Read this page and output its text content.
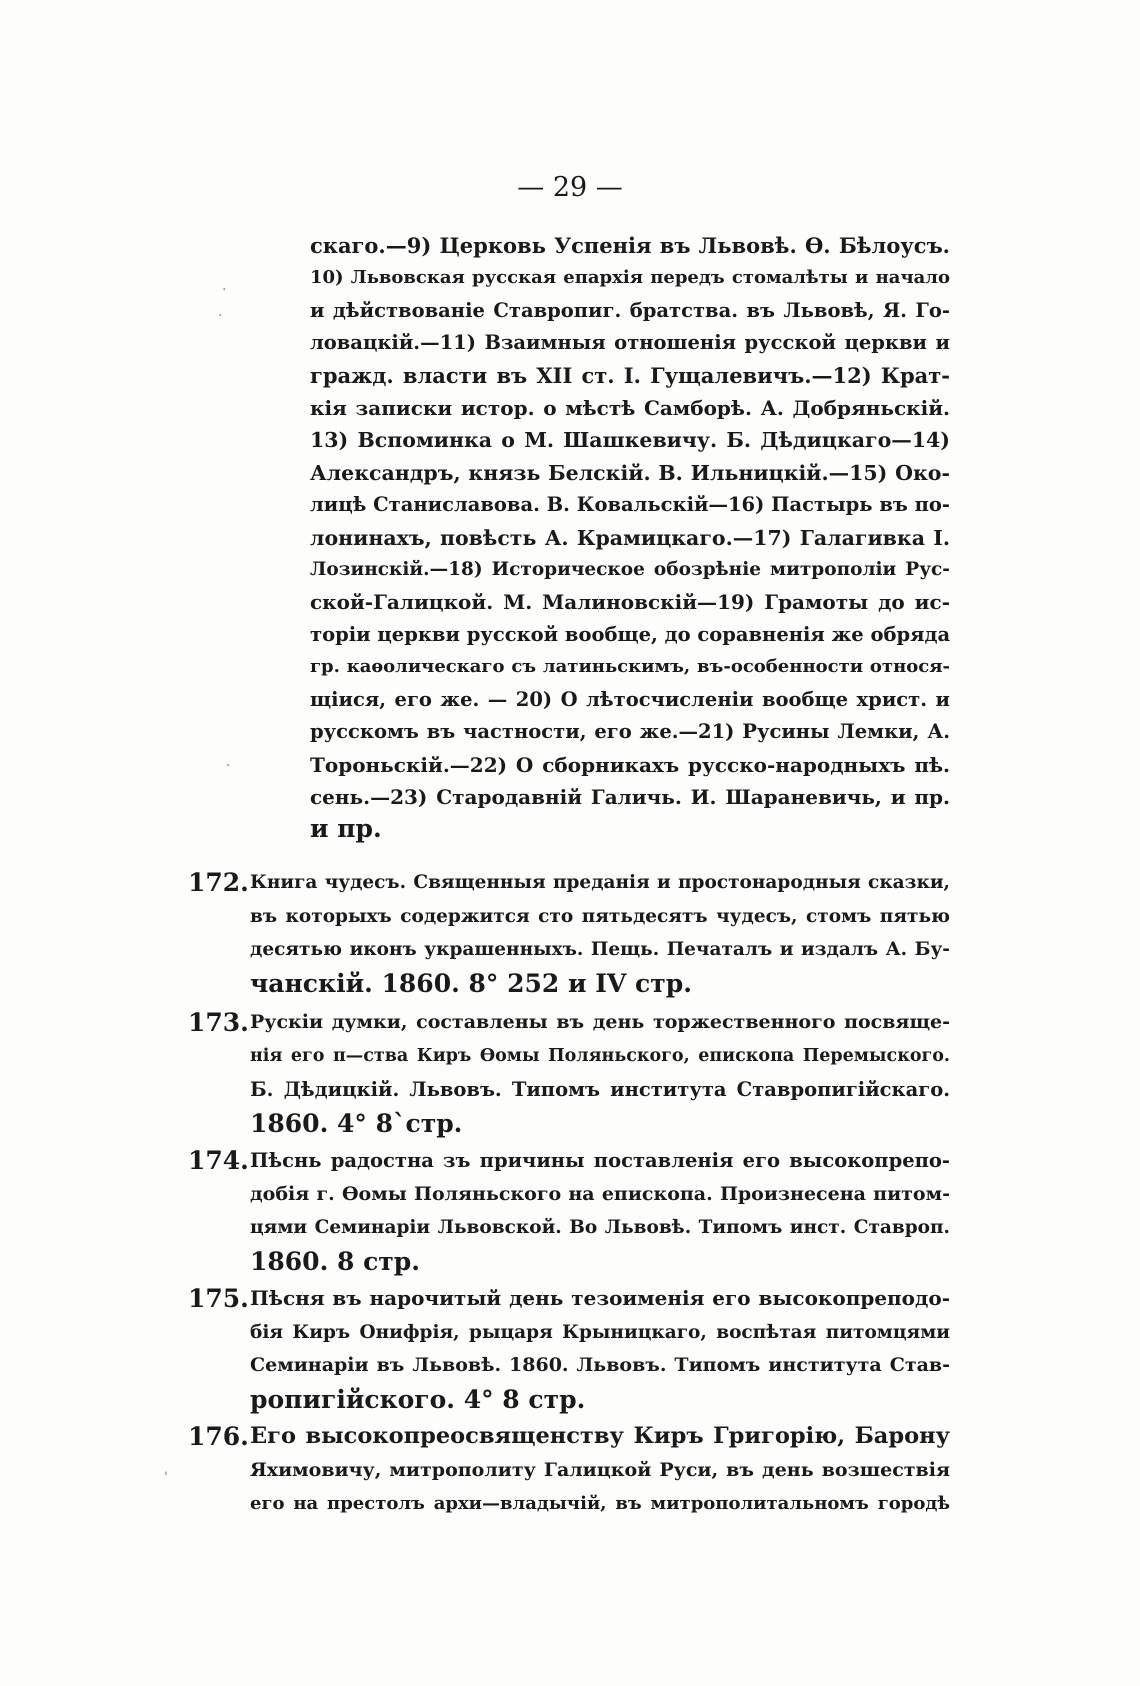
— 29 —
скаго.—9) Церковь Успенія въ Львовѣ. Ѳ. Бѣлоусъ.
10) Львовская русская епархія передъ стомалѣты и начало
и дѣйствованіе Ставропиг. братства. въ Львовѣ, Я. Го-
ловацкій.—11) Взаимныя отношенія русской церкви и
гражд. власти въ XII ст. І. Гущалевичъ.—12) Крат-
кія записки истор. о мѣстѣ Самборѣ. А. Добряньскій.
13) Вспоминка о М. Шашкевичу. Б. Дѣдицкаго—14)
Александръ, князь Белскій. В. Ильницкій.—15) Око-
лицѣ Станиславова. В. Ковальскій—16) Пастырь въ по-
лонинахъ, повѣсть А. Крамицкаго.—17) Галагивка І.
Лозинскій.—18) Историческое обозрѣніе митрополіи Рус-
ской-Галицкой. М. Малиновскій—19) Грамоты до ис-
торіи церкви русской вообще, до соравненія же обряда
гр. каѳолическаго съ латиньскимъ, въ-особенности относя-
щіися, его же. — 20) О лѣтосчисленіи вообще христ. и
русскомъ въ частности, его же.—21) Русины Лемки, А.
Тороньскій.—22) О сборникахъ русско-народныхъ пѣ.
сень.—23) Стародавній Галичь. И. Шараневичь, и пр.
и пр.
172. Книга чудесъ. Священныя преданія и простонародныя сказки,
въ которыхъ содержится сто пятьдесятъ чудесъ, стомъ пятью
десятью иконъ украшенныхъ. Пещь. Печаталъ и издалъ А. Бу-
чанскій. 1860. 8° 252 и IV стр.
173. Рускіи думки, составлены въ день торжественного посвяще-
нія его п—ства Киръ Ѳомы Поляньского, епископа Перемыского.
Б. Дѣдицкій. Львовъ. Типомъ института Ставропигійскаго.
1860. 4° 8`стр.
174. Пѣснь радостна зъ причины поставленія его высокопрепо-
добія г. Ѳомы Поляньского на епископа. Произнесена питом-
цями Семинаріи Львовской. Во Львовѣ. Типомъ инст. Ставроп.
1860. 8 стр.
175. Пѣсня въ нарочитый день тезоименія его высокопреподо-
бія Киръ Онифрія, рыцаря Крыницкаго, воспѣтая питомцями
Семинаріи въ Львовѣ. 1860. Львовъ. Типомъ института Став-
ропигійского. 4° 8 стр.
176. Его высокопреосвященству Киръ Григорію, Барону
Яхимовичу, митрополиту Галицкой Руси, въ день возшествія
его на престолъ архи—владычій, въ митрополитальномъ городѣ
·
·
·
'
